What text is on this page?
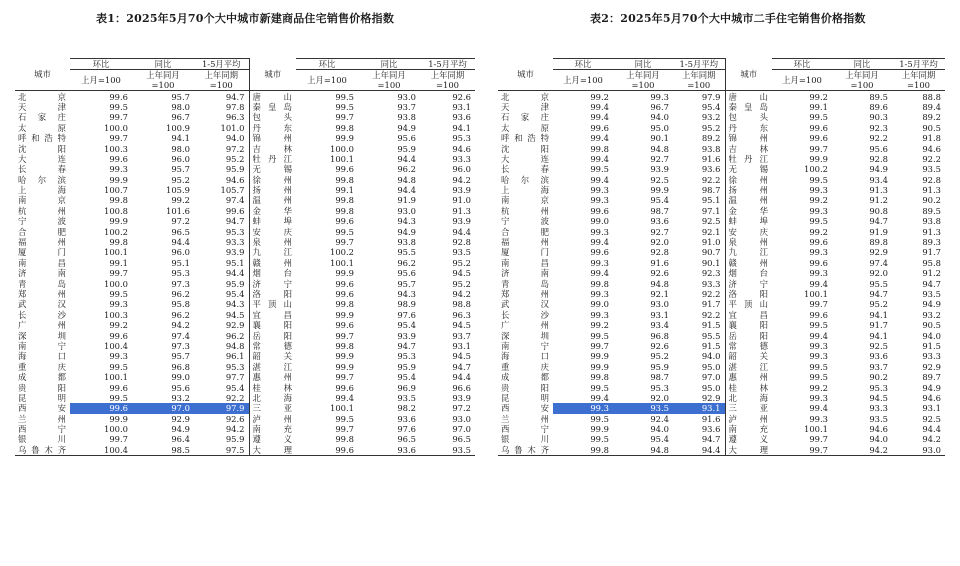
表1：2025年5月70个大中城市新建商品住宅销售价格指数	表2：2025年5月70个大中城市二手住宅销售价格指数
城市	环比	同比	1-5月平均	城市	环比	同比	1-5月平均
	上月=100	上年同月
=100	上年同期
=100		上月=100	上年同月
=100	上年同期
=100
北　京	99.6	95.7	94.7	唐　山	99.5	93.0	92.6
天　津	99.5	98.0	97.8	秦皇岛	99.5	93.7	93.1
石家庄	99.7	96.7	96.3	包　头	99.7	93.8	93.6
太　原	100.0	100.9	101.0	丹　东	99.8	94.9	94.1
呼和浩特	99.7	94.1	94.0	锦　州	99.9	95.6	95.3
沈　阳	100.3	98.0	97.2	吉　林	100.0	95.9	94.6
大　连	99.6	96.0	95.2	牡丹江	100.1	94.4	93.3
长　春	99.3	95.7	95.9	无　锡	99.6	96.2	96.0
哈尔滨	99.9	95.2	94.6	徐　州	99.8	94.8	94.2
上　海	100.7	105.9	105.7	扬　州	99.1	94.4	93.9
南　京	99.8	99.2	97.4	温　州	99.8	91.9	91.0
杭　州	100.8	101.6	99.6	金　华	99.8	93.0	91.3
宁　波	99.9	97.2	94.7	蚌　埠	99.6	94.3	93.9
合　肥	100.2	96.5	95.3	安　庆	99.5	94.9	94.4
福　州	99.8	94.4	93.3	泉　州	99.7	93.8	92.8
厦　门	100.1	96.0	93.9	九　江	100.2	95.5	93.5
南　昌	99.1	95.1	95.1	赣　州	100.1	96.2	95.2
济　南	99.7	95.3	94.4	烟　台	99.9	95.6	94.5
青　岛	100.0	97.3	95.9	济　宁	99.6	95.7	95.2
郑　州	99.5	96.2	95.4	洛　阳	99.6	94.3	94.2
武　汉	99.3	95.8	94.3	平顶山	99.8	98.9	98.8
长　沙	100.3	96.2	94.5	宜　昌	99.9	97.6	96.3
广　州	99.2	94.2	92.9	襄　阳	99.6	95.4	94.5
深　圳	99.6	97.4	96.2	岳　阳	99.7	93.9	93.7
南　宁	100.4	97.3	94.8	常　德	99.8	94.7	93.1
海　口	99.3	95.7	96.1	韶　关	99.9	95.3	94.5
重　庆	99.5	96.8	95.3	湛　江	99.9	95.9	94.7
成　都	100.1	99.0	97.7	惠　州	99.7	95.4	94.4
贵　阳	99.6	95.6	95.4	桂　林	99.6	96.9	96.6
昆　明	99.5	93.2	92.2	北　海	99.4	93.5	93.9
西　安	99.6	97.0	97.9	三　亚	100.1	98.2	97.2
兰　州	99.9	92.9	92.6	泸　州	99.5	93.6	93.0
西　宁	100.0	94.9	94.2	南　充	99.7	97.6	97.0
银　川	99.7	96.4	95.9	遵　义	99.8	96.5	96.5
乌鲁木齐	100.4	98.5	97.5	大　理	99.6	93.6	93.5
城市	环比	同比	1-5月平均	城市	环比	同比	1-5月平均
	上月=100	上年同月
=100	上年同期
=100		上月=100	上年同月
=100	上年同期
=100
北　京	99.2	99.3	97.9	唐　山	99.2	89.5	88.8
天　津	99.4	96.7	95.4	秦皇岛	99.1	89.6	89.4
石家庄	99.4	94.0	93.2	包　头	99.5	90.3	89.2
太　原	99.6	95.0	95.2	丹　东	99.6	92.3	90.5
呼和浩特	99.4	90.1	89.2	锦　州	99.6	92.2	91.8
沈　阳	99.8	94.8	93.8	吉　林	99.7	95.6	94.6
大　连	99.4	92.7	91.6	牡丹江	99.9	92.8	92.2
长　春	99.5	93.9	93.6	无　锡	100.2	94.9	93.5
哈尔滨	99.4	92.5	92.2	徐　州	99.5	93.4	92.8
上　海	99.3	99.9	98.7	扬　州	99.3	91.3	91.3
南　京	99.3	95.4	95.1	温　州	99.2	91.2	90.2
杭　州	99.6	98.7	97.1	金　华	99.3	90.8	89.5
宁　波	99.0	93.6	92.5	蚌　埠	99.5	94.7	93.8
合　肥	99.3	92.7	92.1	安　庆	99.2	91.9	91.3
福　州	99.4	92.0	91.0	泉　州	99.6	89.8	89.3
厦　门	99.6	92.8	90.7	九　江	99.3	92.9	91.7
南　昌	99.3	91.6	90.1	赣　州	99.6	97.4	95.8
济　南	99.4	92.6	92.3	烟　台	99.3	92.0	91.2
青　岛	99.8	94.8	93.3	济　宁	99.4	95.5	94.7
郑　州	99.3	92.1	92.2	洛　阳	100.1	94.7	93.5
武　汉	99.0	93.0	91.7	平顶山	99.7	95.2	94.9
长　沙	99.3	93.1	92.2	宜　昌	99.6	94.1	93.2
广　州	99.2	93.4	91.5	襄　阳	99.5	91.7	90.5
深　圳	99.5	96.8	95.5	岳　阳	99.4	94.1	94.0
南　宁	99.7	92.6	91.5	常　德	99.3	92.5	91.5
海　口	99.9	95.2	94.0	韶　关	99.3	93.6	93.3
重　庆	99.9	95.9	95.0	湛　江	99.5	93.7	92.9
成　都	99.8	98.7	97.0	惠　州	99.5	90.2	89.7
贵　阳	99.5	95.3	95.0	桂　林	99.2	95.3	94.9
昆　明	99.4	92.0	92.9	北　海	99.3	94.5	94.6
西　安	99.3	93.5	93.1	三　亚	99.4	93.3	93.1
兰　州	99.5	92.4	91.6	泸　州	99.3	93.5	92.5
西　宁	99.9	94.0	93.6	南　充	100.1	94.6	94.4
银　川	99.5	95.4	94.7	遵　义	99.7	94.0	94.2
乌鲁木齐	99.8	94.8	94.4	大　理	99.7	94.2	93.0
